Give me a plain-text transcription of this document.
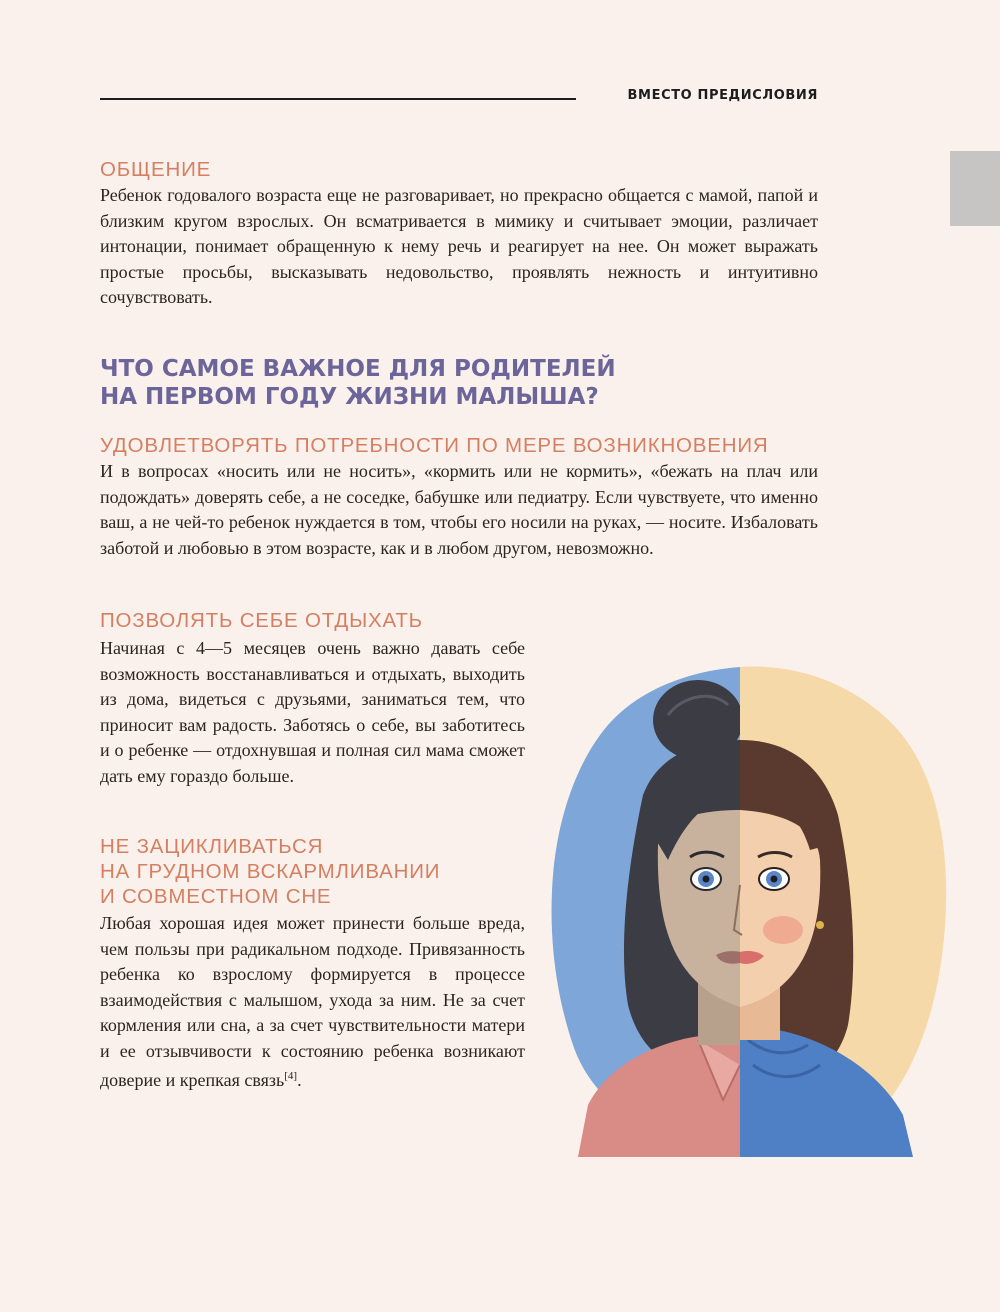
ВМЕСТО ПРЕДИСЛОВИЯ
ОБЩЕНИЕ

Ребенок годовалого возраста еще не разговаривает, но прекрасно общается с мамой, папой и близким кругом взрослых. Он всматривается в мимику и считывает эмоции, различает интонации, понимает обращенную к нему речь и реагирует на нее. Он может выражать простые просьбы, высказывать недовольство, проявлять нежность и интуитивно сочувствовать.

ЧТО САМОЕ ВАЖНОЕ ДЛЯ РОДИТЕЛЕЙ
НА ПЕРВОМ ГОДУ ЖИЗНИ МАЛЫША?
УДОВЛЕТВОРЯТЬ ПОТРЕБНОСТИ ПО МЕРЕ ВОЗНИКНОВЕНИЯ

И в вопросах «носить или не носить», «кормить или не кормить», «бежать на плач или подождать» доверять себе, а не соседке, бабушке или педиатру. Если чувствуете, что именно ваш, а не чей-то ребенок нуждается в том, чтобы его носили на руках, — носите. Избаловать заботой и любовью в этом возрасте, как и в любом другом, невозможно.

ПОЗВОЛЯТЬ СЕБЕ ОТДЫХАТЬ

Начиная с 4—5 месяцев очень важно давать себе возможность восстанавливаться и отдыхать, выходить из дома, видеться с друзьями, заниматься тем, что приносит вам радость. Заботясь о себе, вы заботитесь и о ребенке — отдохнувшая и полная сил мама сможет дать ему гораздо больше.

НЕ ЗАЦИКЛИВАТЬСЯ
НА ГРУДНОМ ВСКАРМЛИВАНИИ
И СОВМЕСТНОМ СНЕ

Любая хорошая идея может принести больше вреда, чем пользы при радикальном подходе. Привязанность ребенка ко взрослому формируется в процессе взаимодействия с малышом, ухода за ним. Не за счет кормления или сна, а за счет чувствительности матери и ее отзывчивости к состоянию ребенка возникают доверие и крепкая связь[4].
